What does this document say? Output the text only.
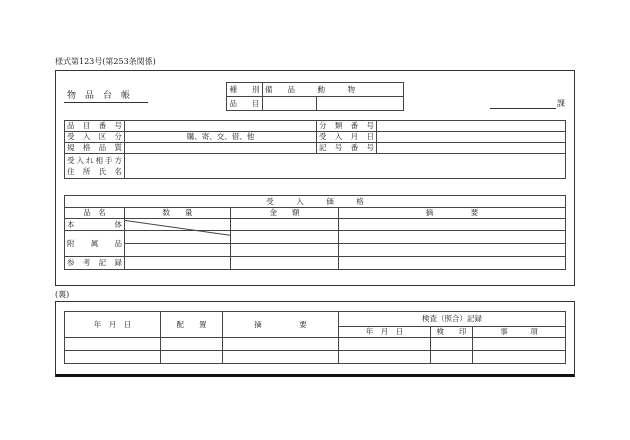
様式第123号(第253条関係)
物　品　台　帳
種　　別	備　　品　　　動　　　物
品　　目		課
品目番号		分類番号	
受入区分	購、寄、交、借、他	受入月日	
規格品質		記号番号	

受入れ相手方
住所氏名			

受　　　入　　　価　　　格			
品　名	数　　量	金　　額	摘　　　　　要
本　　体			
附　属　品			

参　考　記　録			
(裏)
年　月　日	配　　置	摘　　　　　要	検査（照合）記録		
			年　月　日	検　　印	事　　　項
